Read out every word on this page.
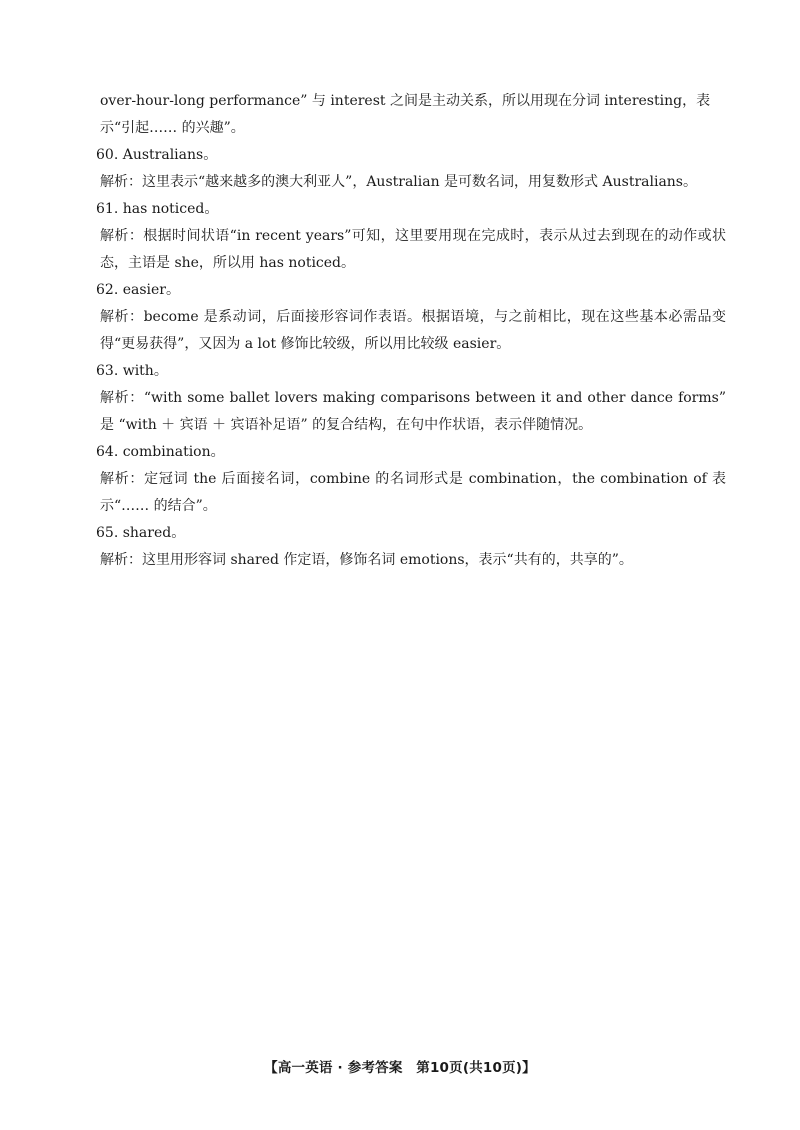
over-hour-long performance” 与 interest 之间是主动关系，所以用现在分词 interesting，表
示“引起…… 的兴趣”。

60. Australians。

解析：这里表示“越来越多的澳大利亚人”，Australian 是可数名词，用复数形式 Australians。

61. has noticed。

解析：根据时间状语“in recent years”可知，这里要用现在完成时，表示从过去到现在的动作或状态，主语是 she，所以用 has noticed。

62. easier。

解析：become 是系动词，后面接形容词作表语。根据语境，与之前相比，现在这些基本必需品变得“更易获得”，又因为 a lot 修饰比较级，所以用比较级 easier。

63. with。

解析：“with some ballet lovers making comparisons between it and other dance forms” 是 “with ＋ 宾语 ＋ 宾语补足语” 的复合结构，在句中作状语，表示伴随情况。

64. combination。

解析：定冠词 the 后面接名词，combine 的名词形式是 combination，the combination of 表示“…… 的结合”。

65. shared。

解析：这里用形容词 shared 作定语，修饰名词 emotions，表示“共有的，共享的”。

【高一英语 · 参考答案　第10页(共10页)】
